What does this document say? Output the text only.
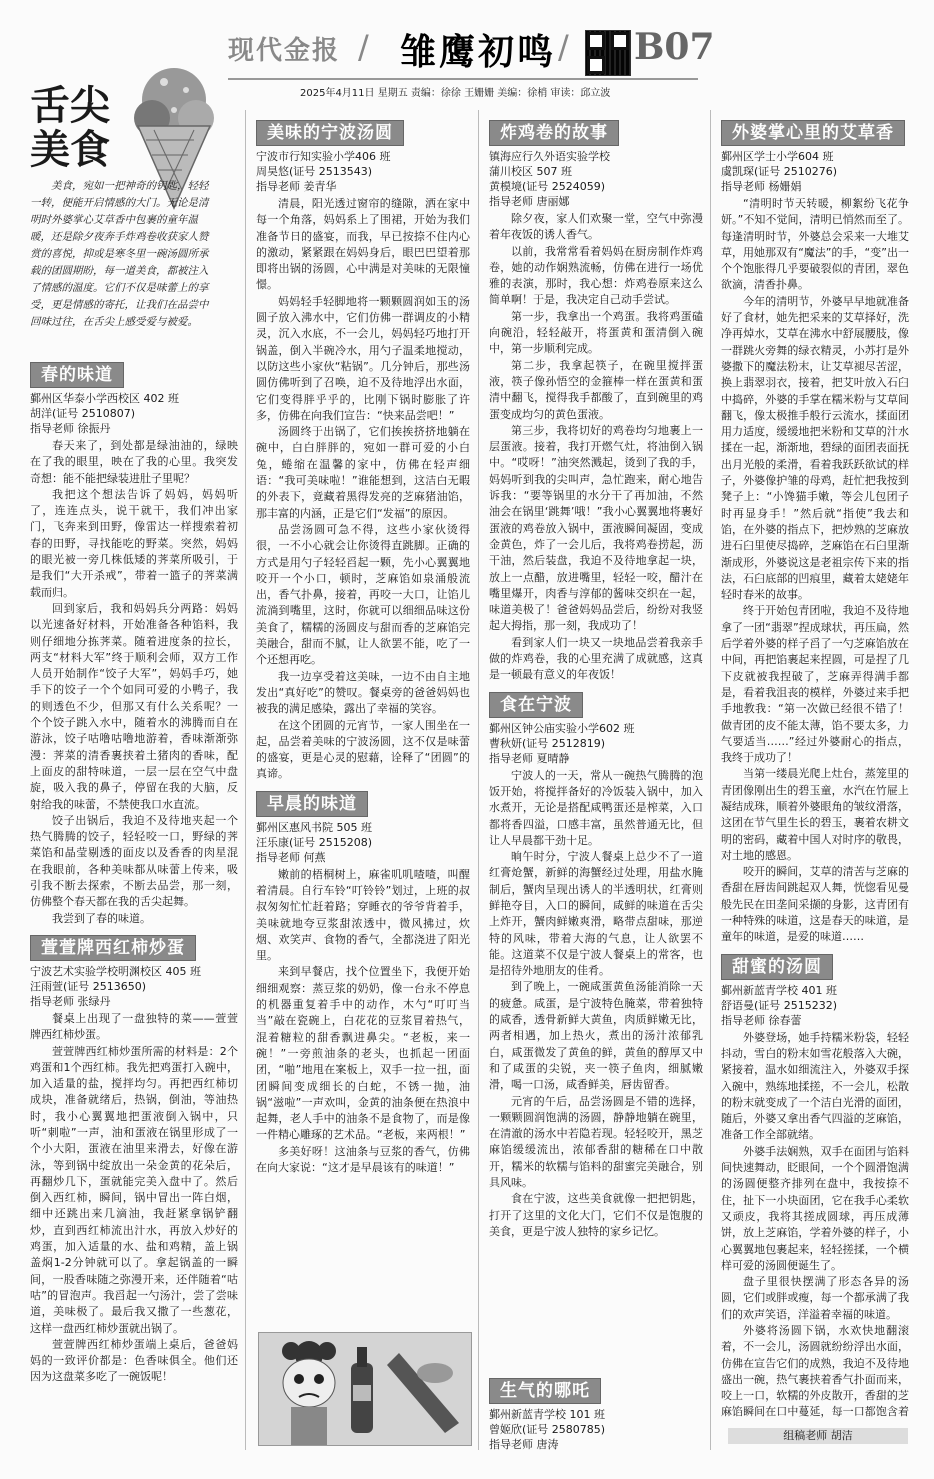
现代金报 / 雏鹰初鸣 / B07
2025年4月11日 星期五 责编：徐徐 王姗姗 美编：徐梢 审读：邱立波
舌尖
美食
美食，宛如一把神奇的钥匙，轻轻一转，便能开启情感的大门。无论是清明时外婆掌心艾草香中包裹的童年温暖，还是除夕夜奔手炸鸡卷收获家人赞赏的喜悦，抑或是寒冬里一碗汤圆所承载的团圆期盼，每一道美食，都被注入了情感的温度。它们不仅是味蕾上的享受，更是情感的寄托，让我们在品尝中回味过往，在舌尖上感受爱与被爱。
春的味道
鄞州区华泰小学西校区 402 班
胡洋(证号 2510807)
指导老师 徐振丹

春天来了，到处都是绿油油的，绿映在了我的眼里，映在了我的心里。我突发奇想：能不能把绿装进肚子里呢？

我把这个想法告诉了妈妈，妈妈听了，连连点头，说干就干，我们冲出家门，飞奔来到田野，像雷达一样搜索着初春的田野，寻找能吃的野菜。突然，妈妈的眼光被一旁几株低矮的荠菜所吸引，于是我们“大开杀戒”，带着一篮子的荠菜满载而归。

回到家后，我和妈妈兵分两路：妈妈以光速备好材料，开始准备各种馅料，我则仔细地分拣荠菜。随着进度条的拉长，两支“材料大军”终于顺利会师，双方工作人员开始制作“饺子大军”，妈妈手巧，她手下的饺子一个个如同可爱的小鸭子，我的则透色不少，但那又有什么关系呢？一个个饺子跳入水中，随着水的沸腾而自在游泳，饺子咕噜咕噜地游着，香味渐渐弥漫：荠菜的清香裹挟着土猪肉的香味，配上面皮的甜特味道，一层一层在空气中盘旋，吸入我的鼻子，停留在我的大脑，反射给我的味蕾，不禁使我口水直流。

饺子出锅后，我迫不及待地夹起一个热气腾腾的饺子，轻轻咬一口，野绿的荠菜馅和晶莹剔透的面皮以及香香的肉星混在我眼前，各种美味都从味蕾上传来，吸引我不断去探索，不断去品尝，那一刻，仿佛整个春天都在我的舌尖起舞。

我尝到了春的味道。

萱萱牌西红柿炒蛋
宁波艺术实验学校明渊校区 405 班
汪雨萱(证号 2513650)
指导老师 张绿丹

餐桌上出现了一盘独特的菜——萱萱牌西红柿炒蛋。

萱萱牌西红柿炒蛋所需的材料是：2个鸡蛋和1个西红柿。我先把鸡蛋打入碗中，加入适量的盐，搅拌均匀。再把西红柿切成块，准备就绪后，热锅，倒油，等油热时，我小心翼翼地把蛋液倒入锅中，只听“刺啦”一声，油和蛋液在锅里形成了一个小大阳，蛋液在油里来滑去，好像在游泳，等到锅中绽放出一朵金黄的花朵后，再翻炒几下，蛋就能完美入盘中了。然后倒入西红柿，瞬间，锅中冒出一阵白烟，细中还跳出来几滴油，我赶紧拿锅铲翻炒，直到西红柿流出汁水，再放入炒好的鸡蛋，加入适量的水、盐和鸡精，盖上锅盖焖1-2分钟就可以了。拿起锅盖的一瞬间，一股香味随之弥漫开来，还伴随着“咕咕”的冒泡声。我舀起一勺汤汁，尝了尝味道，美味极了。最后我又撒了一些葱花，这样一盘西红柿炒蛋就出锅了。

萱萱牌西红柿炒蛋端上桌后，爸爸妈妈的一致评价都是：色香味俱全。他们还因为这盘菜多吃了一碗饭呢！

美味的宁波汤圆
宁波市行知实验小学406 班
周昊悠(证号 2513543)
指导老师 姜青华

清晨，阳光透过窗帘的缝隙，洒在家中每一个角落，妈妈系上了围裙，开始为我们准备节日的盛宴，而我，早已按捺不住内心的激动，紧紧跟在妈妈身后，眼巴巴望着那即将出锅的汤圆，心中满是对美味的无限憧憬。

妈妈轻手轻脚地将一颗颗圆润如玉的汤圆子放入沸水中，它们仿佛一群调皮的小精灵，沉入水底，不一会儿，妈妈轻巧地打开锅盖，倒入半碗冷水，用勺子温柔地搅动，以防这些小家伙“粘锅”。几分钟后，那些汤圆仿佛听到了召唤，迫不及待地浮出水面，它们变得胖乎乎的，比刚下锅时膨胀了许多，仿佛在向我们宣告：“快来品尝吧！”

汤圆终于出锅了，它们挨挨挤挤地躺在碗中，白白胖胖的，宛如一群可爱的小白兔，蜷缩在温馨的家中，仿佛在轻声细语：“我可美味啦！”谁能想到，这洁白无暇的外表下，竟藏着黑得发亮的芝麻猪油馅，那丰富的内涵，正是它们“发福”的原因。

品尝汤圆可急不得，这些小家伙烫得很，一不小心就会让你烫得直跳脚。正确的方式是用勺子轻轻舀起一颗，先小心翼翼地咬开一个小口，顿时，芝麻馅如泉涌般流出，香气扑鼻，接着，再咬一大口，让馅儿流淌到嘴里，这时，你就可以细细品味这份美食了，糯糯的汤圆皮与甜而香的芝麻馅完美融合，甜而不腻，让人欲罢不能，吃了一个还想再吃。

我一边享受着这美味，一边不由自主地发出“真好吃”的赞叹。餐桌旁的爸爸妈妈也被我的满足感染，露出了幸福的笑容。

在这个团圆的元宵节，一家人围坐在一起，品尝着美味的宁波汤圆，这不仅是味蕾的盛宴，更是心灵的慰藉，诠释了“团圆”的真谛。

早晨的味道
鄞州区惠风书院 505 班
汪乐康(证号 2515208)
指导老师 何燕

嫩前的梧桐树上，麻雀叽叽喳喳，叫醒着清晨。自行车铃“叮铃铃”划过，上班的叔叔匆匆忙忙赶着路；穿睡衣的爷爷背着手，美味就地夸豆浆甜浓透中，微风拂过，炊烟、欢笑声、食物的香气，全都浇进了阳光里。

来到早餐店，找个位置坐下，我便开始细细观察：蒸豆浆的奶奶，像一台永不停息的机器重复着手中的动作，木勺“叮叮当当”敲在瓷碗上，白花花的豆浆冒着热气，混着糖粒的甜香飘进鼻尖。“老板，来一碗！”一旁煎油条的老头，也抓起一团面团，“啪”地甩在案板上，双手一拉一扭，面团瞬间变成细长的白蛇，不锈一抛，油锅“滋啦”一声欢叫，金黄的油条便在热浪中起舞，老人手中的油条不是食物了，而是像一件精心雕琢的艺术品。“老板，来两根！”

多美好呀！这油条与豆浆的香气，仿佛在向大家说：“这才是早晨该有的味道！”

炸鸡卷的故事
镇海应行久外语实验学校
蒲川校区 507 班
黄模境(证号 2524059)
指导老师 唐丽娜

除夕夜，家人们欢聚一堂，空气中弥漫着年夜饭的诱人香气。

以前，我常常看着妈妈在厨房制作炸鸡卷，她的动作娴熟流畅，仿佛在进行一场优雅的表演，那时，我心想：炸鸡卷原来这么简单啊！于是，我决定自己动手尝试。

第一步，我拿出一个鸡蛋。我将鸡蛋磕向碗沿，轻轻敲开，将蛋黄和蛋清倒入碗中，第一步顺利完成。

第二步，我拿起筷子，在碗里搅拌蛋液，筷子像孙悟空的金箍棒一样在蛋黄和蛋清中翻飞，搅得我手都酸了，直到碗里的鸡蛋变成均匀的黄色蛋液。

第三步，我将切好的鸡卷均匀地裹上一层蛋液。接着，我打开燃气灶，将油倒入锅中。“哎呀！”油突然溅起，烫到了我的手，妈妈听到我的尖叫声，急忙跑来，耐心地告诉我：“要等锅里的水分干了再加油，不然油会在锅里‘跳舞’哦！”我小心翼翼地将裹好蛋液的鸡卷放入锅中，蛋液瞬间凝固，变成金黄色，炸了一会儿后，我将鸡卷捞起，沥干油，然后装盘，我迫不及待地拿起一块，放上一点醋，放进嘴里，轻轻一咬，醋汁在嘴里爆开，肉香与淳郁的酱味交织在一起，味道美极了！爸爸妈妈品尝后，纷纷对我竖起大拇指，那一刻，我成功了！

看到家人们一块又一块地品尝着我亲手做的炸鸡卷，我的心里充满了成就感，这真是一顿最有意义的年夜饭！

食在宁波
鄞州区钟公庙实验小学602 班
曹秋妍(证号 2512819)
指导老师 夏晴静

宁波人的一天，常从一碗热气腾腾的泡饭开始，将搅拌备好的冷饭装入锅中，加入水煮开，无论是搭配咸鸭蛋还是榨菜，入口都将香四溢，口感丰富，虽然普通无比，但让人早晨都干劲十足。

晌午时分，宁波人餐桌上总少不了一道红膏炝蟹，新鲜的海蟹经过处理，用盐水腌制后，蟹肉呈现出诱人的半透明状，红膏则鲜艳夺目，入口的瞬间，咸鲜的味道在舌尖上炸开，蟹肉鲜嫩爽滑，略带点甜味，那逆特的风味，带着大海的气息，让人欲罢不能。这道菜不仅是宁波人餐桌上的常客，也是招待外地朋友的佳肴。

到了晚上，一碗咸蛋黄鱼汤能消除一天的疲惫。咸蛋，是宁波特色腌菜，带着独特的咸香，透骨新鲜大黄鱼，肉质鲜嫩无比，两者相遇，加上热火，煮出的汤汁浓郁乳白，咸蛋微发了黄鱼的鲜，黄鱼的醇厚又中和了咸蛋的尖锐，夹一筷子鱼肉，细腻嫩滑，喝一口汤，咸香鲜美，唇齿留香。

元宵的午后，品尝汤圆是不错的选择，一颗颗圆润饱满的汤圆，静静地躺在碗里，在清澈的汤水中若隐若现。轻轻咬开，黑芝麻馅缓缓流出，浓郁香甜的糖稀在口中散开，糯米的软糯与馅料的甜蜜完美融合，别具风味。

食在宁波，这些美食就像一把把钥匙，打开了这里的文化大门，它们不仅是饱腹的美食，更是宁波人独特的家乡记忆。

生气的哪吒
鄞州新蓝青学校 101 班
曾姬欣(证号 2580785)
指导老师 唐涛
外婆掌心里的艾草香
鄞州区学士小学604 班
虞凯琛(证号 2510276)
指导老师 杨姗娟

“清明时节天转暖，柳絮纷飞花争妍。”不知不觉间，清明已悄然而至了。每逢清明时节，外婆总会采来一大堆艾草，用她那双有“魔法”的手，“变”出一个个饱胀得几乎要破裂似的青团，翠色欲滴，清香扑鼻。

今年的清明节，外婆早早地就准备好了食材，她先把采来的艾草择好，洗净再焯水，艾草在沸水中舒展腰肢，像一群跳火旁舞的绿衣精灵，小苏打是外婆撒下的魔法粉末，让艾草褪尽苦涩，换上翡翠羽衣，接着，把艾叶放入石臼中捣碎，外婆的手掌在糯米粉与艾草间翻飞，像太极推手般行云流水，揉面团用力适度，缓缓地把米粉和艾草的汁水揉在一起，渐渐地，碧绿的面团表面抚出月光般的柔滑，看着我跃跃欲试的样子，外婆像护雏的母鸡，赶忙把我按到凳子上：“小馋猫手嫩，等会儿包团子时再显身手！”然后就“指使”我去和馅，在外婆的指点下，把炒熟的芝麻放进石臼里使尽捣碎，芝麻馅在石臼里渐渐成形，外婆说这是老祖宗传下来的指法，石臼底部的凹痕里，藏着太姥姥年轻时春米的故事。

终于开始包青团啦，我迫不及待地拿了一团“翡翠”捏成球状，再压扁，然后学着外婆的样子舀了一勺芝麻馅放在中间，再把馅裹起来捏圆，可是捏了几下皮就被我捏破了，芝麻弄得满手都是，看着我沮丧的模样，外婆过来手把手地教我：“第一次做已经很不错了！做青团的皮不能太薄，馅不要太多，力气要适当……”经过外婆耐心的指点，我终于成功了！

当第一缕晨光爬上灶台，蒸笼里的青团像刚出生的碧玉童，水汽在竹屉上凝结成珠，顺着外婆眼角的皱纹滑落，这团在节气里生长的碧玉，裹着农耕文明的密码，藏着中国人对时序的敬畏，对土地的感恩。

咬开的瞬间，艾草的清苦与芝麻的香甜在唇齿间跳起双人舞，恍惚看见曼般先民在田垄间采撷的身影，这青团有一种特殊的味道，这是春天的味道，是童年的味道，是爱的味道……

甜蜜的汤圆
鄞州新蓝青学校 401 班
舒语曼(证号 2515232)
指导老师 徐春蕾

外婆登场，她手持糯米粉袋，轻轻抖动，雪白的粉末如雪花般落入大碗，紧接着，温水如细流注入，外婆双手探入碗中，熟练地揉搓，不一会儿，松散的粉末就变成了一个洁白光滑的面团，随后，外婆又拿出香气四溢的芝麻馅，准备工作全部就绪。

外婆手法娴熟，双手在面团与馅料间快速舞动，眨眼间，一个个圆滑饱满的汤圆便整齐排列在盘中，我按捺不住，扯下一小块面团，它在我手心柔软又顽皮，我将其搓成圆球，再压成薄饼，放上芝麻馅，学着外婆的样子，小心翼翼地包裹起来，轻轻搓揉，一个横样可爱的汤圆便诞生了。

盘子里很快摆满了形态各异的汤圆，它们或胖或瘦，每一个都承满了我们的欢声笑语，洋溢着幸福的味道。

外婆将汤圆下锅，水欢快地翻滚着，不一会儿，汤圆就纷纷浮出水面，仿佛在宣告它们的成熟，我迫不及待地盛出一碗，热气裹挟着香气扑面而来，咬上一口，软糯的外皮散开，香甜的芝麻馅瞬间在口中蔓延，每一口都饱含着

组稿老师 胡洁
